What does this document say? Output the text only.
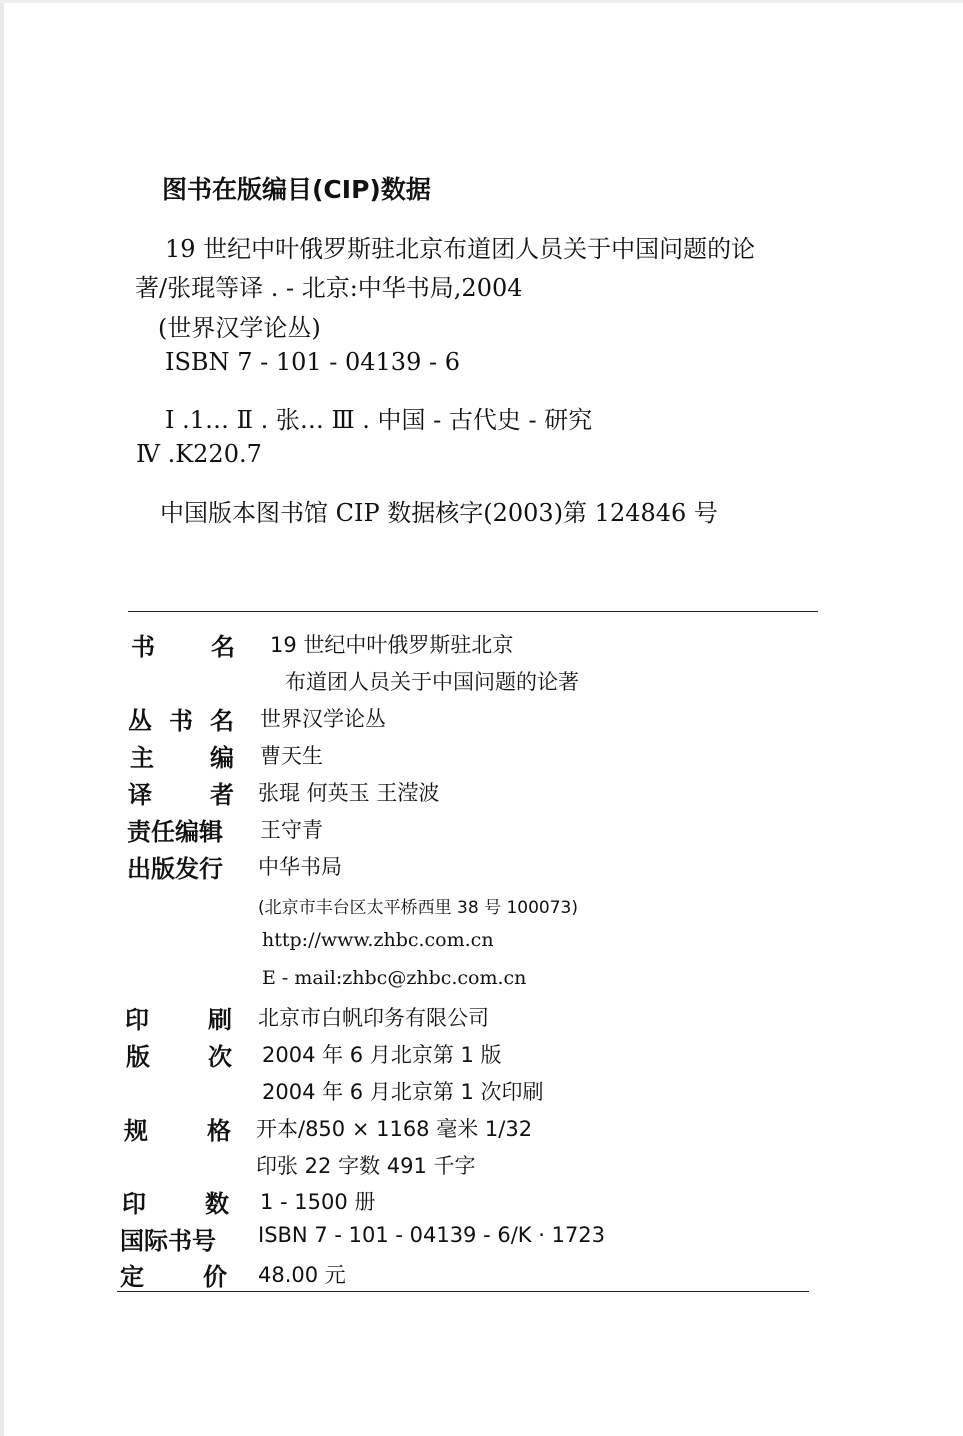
图书在版编目(CIP)数据
19 世纪中叶俄罗斯驻北京布道团人员关于中国问题的论
著/张琨等译 . - 北京:中华书局,2004
(世界汉学论丛)
ISBN 7 - 101 - 04139 - 6
Ⅰ .1… Ⅱ . 张… Ⅲ . 中国 - 古代史 - 研究
Ⅳ .K220.7
中国版本图书馆 CIP 数据核字(2003)第 124846 号
书 名 19 世纪中叶俄罗斯驻北京
布道团人员关于中国问题的论著
丛 书 名 世界汉学论丛
主 编 曹天生
译 者 张琨 何英玉 王滢波
责任编辑 王守青
出版发行 中华书局
(北京市丰台区太平桥西里 38 号 100073)
http://www.zhbc.com.cn
E - mail:zhbc@zhbc.com.cn
印 刷 北京市白帆印务有限公司
版 次 2004 年 6 月北京第 1 版
2004 年 6 月北京第 1 次印刷
规 格 开本/850 × 1168 毫米 1/32
印张 22 字数 491 千字
印 数 1 - 1500 册
国际书号 ISBN 7 - 101 - 04139 - 6/K · 1723
定 价 48.00 元
